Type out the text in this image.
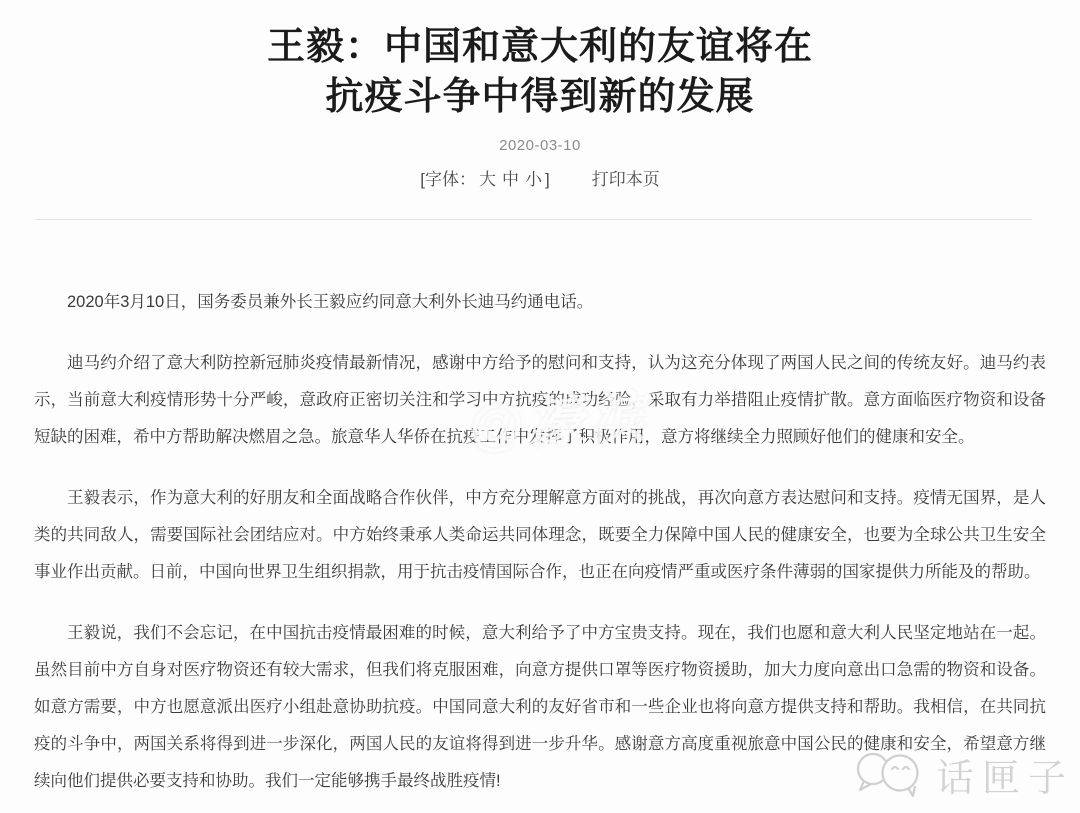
王毅：中国和意大利的友谊将在
抗疫斗争中得到新的发展
2020-03-10
[字体： 大 中 小 ] 打印本页

2020年3月10日，国务委员兼外长王毅应约同意大利外长迪马约通电话。

迪马约介绍了意大利防控新冠肺炎疫情最新情况，感谢中方给予的慰问和支持，认为这充分体现了两国人民之间的传统友好。迪马约表示，当前意大利疫情形势十分严峻，意政府正密切关注和学习中方抗疫的成功经验，采取有力举措阻止疫情扩散。意方面临医疗物资和设备短缺的困难，希中方帮助解决燃眉之急。旅意华人华侨在抗疫工作中发挥了积极作用，意方将继续全力照顾好他们的健康和安全。

王毅表示，作为意大利的好朋友和全面战略合作伙伴，中方充分理解意方面对的挑战，再次向意方表达慰问和支持。疫情无国界，是人类的共同敌人，需要国际社会团结应对。中方始终秉承人类命运共同体理念，既要全力保障中国人民的健康安全，也要为全球公共卫生安全事业作出贡献。日前，中国向世界卫生组织捐款，用于抗击疫情国际合作，也正在向疫情严重或医疗条件薄弱的国家提供力所能及的帮助。

王毅说，我们不会忘记，在中国抗击疫情最困难的时候，意大利给予了中方宝贵支持。现在，我们也愿和意大利人民坚定地站在一起。虽然目前中方自身对医疗物资还有较大需求，但我们将克服困难，向意方提供口罩等医疗物资援助，加大力度向意出口急需的物资和设备。如意方需要，中方也愿意派出医疗小组赴意协助抗疫。中国同意大利的友好省市和一些企业也将向意方提供支持和帮助。我相信，在共同抗疫的斗争中，两国关系将得到进一步深化，两国人民的友谊将得到进一步升华。感谢意方高度重视旅意中国公民的健康和安全，希望意方继续向他们提供必要支持和协助。我们一定能够携手最终战胜疫情!

@濠滨
话匣子
